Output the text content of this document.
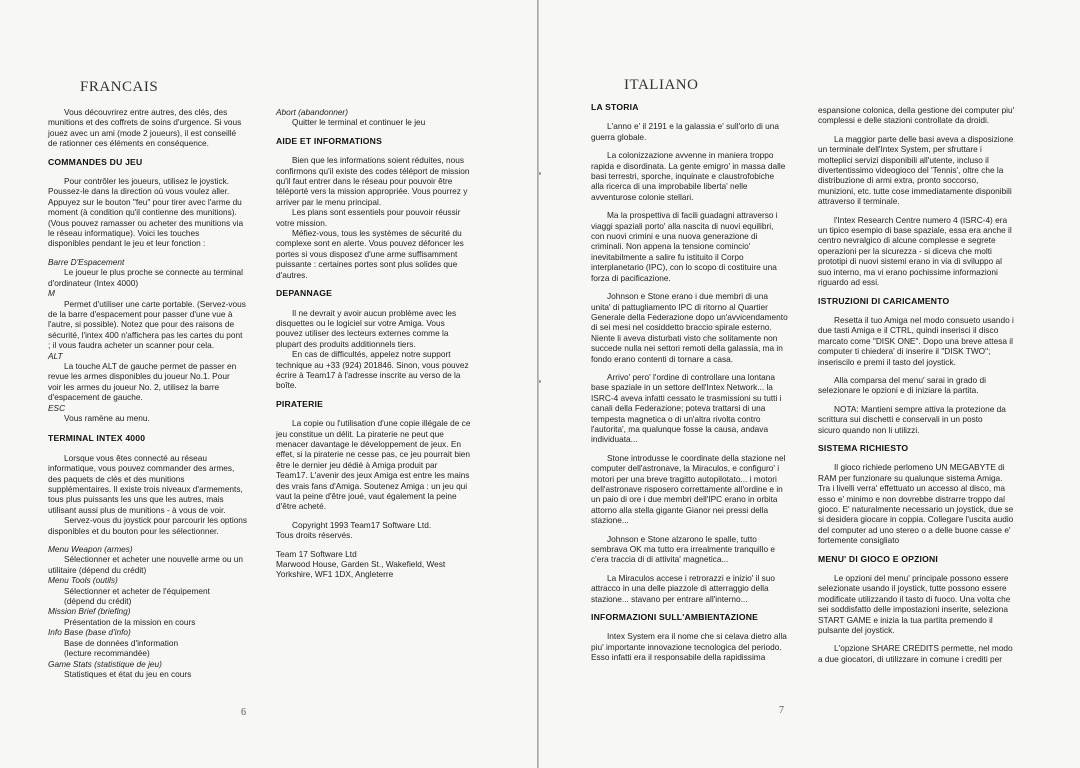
FRANCAIS

Vous découvrirez entre autres, des clés, des
munitions et des coffrets de soins d'urgence. Si vous
jouez avec un ami (mode 2 joueurs), il est conseillé
de rationner ces éléments en conséquence.

COMMANDES DU JEU

Pour contrôler les joueurs, utilisez le joystick.
Poussez-le dans la direction où vous voulez aller.
Appuyez sur le bouton "feu" pour tirer avec l'arme du
moment (à condition qu'il contienne des munitions).
(Vous pouvez ramasser ou acheter des munitions via
le réseau informatique). Voici les touches
disponibles pendant le jeu et leur fonction :

Barre D'Espacement

Le joueur le plus proche se connecte au terminal
d'ordinateur (Intex 4000)

M

Permet d'utiliser une carte portable. (Servez-vous
de la barre d'espacement pour passer d'une vue à
l'autre, si possible). Notez que pour des raisons de
sécurité, l'intex 400 n'affichera pas les cartes du pont
; il vous faudra acheter un scanner pour cela.

ALT

La touche ALT de gauche permet de passer en
revue les armes disponibles du joueur No.1. Pour
voir les armes du joueur No. 2, utilisez la barre
d'espacement de gauche.

ESC

Vous ramène au menu.

TERMINAL INTEX 4000

Lorsque vous êtes connecté au réseau
informatique, vous pouvez commander des armes,
des paquets de clés et des munitions
supplémentaires. Il existe trois niveaux d'armements,
tous plus puissants les uns que les autres, mais
utilisant aussi plus de munitions - à vous de voir.

Servez-vous du joystick pour parcourir les options
disponibles et du bouton pour les sélectionner.

Menu Weapon (armes)

Sélectionner et acheter une nouvelle arme ou un
utilitaire (dépend du crédit)

Menu Tools (outils)

Sélectionner et acheter de l'équipement
(dépend du crédit)

Mission Brief (briefing)

Présentation de la mission en cours

Info Base (base d'info)

Base de données d'information
(lecture recommandée)

Game Stats (statistique de jeu)

Statistiques et état du jeu en cours

Abort (abandonner)

Quitter le terminal et continuer le jeu

AIDE ET INFORMATIONS

Bien que les informations soient réduites, nous
confirmons qu'il existe des codes téléport de mission
qu'il faut entrer dans le réseau pour pouvoir être
téléporté vers la mission appropriée. Vous pourrez y
arriver par le menu principal.

Les plans sont essentiels pour pouvoir réussir
votre mission.

Méfiez-vous, tous les systèmes de sécurité du
complexe sont en alerte. Vous pouvez défoncer les
portes si vous disposez d'une arme suffisamment
puissante : certaines portes sont plus solides que
d'autres.

DEPANNAGE

Il ne devrait y avoir aucun problème avec les
disquettes ou le logiciel sur votre Amiga. Vous
pouvez utiliser des lecteurs externes comme la
plupart des produits additionnels tiers.

En cas de difficultés, appelez notre support
technique au +33 (924) 201846. Sinon, vous pouvez
écrire à Team17 à l'adresse inscrite au verso de la
boîte.

PIRATERIE

La copie ou l'utilisation d'une copie illégale de ce
jeu constitue un délit. La piraterie ne peut que
menacer davantage le développement de jeux. En
effet, si la piraterie ne cesse pas, ce jeu pourrait bien
être le dernier jeu dédié à Amiga produit par
Team17. L'avenir des jeux Amiga est entre les mains
des vrais fans d'Amiga. Soutenez Amiga : un jeu qui
vaut la peine d'être joué, vaut également la peine
d'être acheté.

Copyright 1993 Team17 Software Ltd.
Tous droits réservés.

Team 17 Software Ltd
Marwood House, Garden St., Wakefield, West
Yorkshire, WF1 1DX, Angleterre

6
ITALIANO
LA STORIA

L'anno e' il 2191 e la galassia e' sull'orlo di una
guerra globale.

La colonizzazione avvenne in maniera troppo
rapida e disordinata. La gente emigro' in massa dalle
basi terrestri, sporche, inquinate e claustrofobiche
alla ricerca di una improbabile liberta' nelle
avventurose colonie stellari.

Ma la prospettiva di facili guadagni attraverso i
viaggi spaziali porto' alla nascita di nuovi equilibri,
con nuovi crimini e una nuova generazione di
criminali. Non appena la tensione comincio'
inevitabilmente a salire fu istituito il Corpo
interplanetario (IPC), con lo scopo di costituire una
forza di pacificazione.

Johnson e Stone erano i due membri di una
unita' di pattugliamento IPC di ritorno al Quartier
Generale della Federazione dopo un'avvicendamento
di sei mesi nel cosiddetto braccio spirale esterno.
Niente li aveva disturbati visto che solitamente non
succede nulla nei settori remoti della galassia, ma in
fondo erano contenti di tornare a casa.

Arrivo' pero' l'ordine di controllare una lontana
base spaziale in un settore dell'Intex Network... la
ISRC-4 aveva infatti cessato le trasmissioni su tutti i
canali della Federazione; poteva trattarsi di una
tempesta magnetica o di un'altra rivolta contro
l'autorita', ma qualunque fosse la causa, andava
individuata...

Stone introdusse le coordinate della stazione nel
computer dell'astronave, la Miraculos, e configuro' i
motori per una breve tragitto autopilotato... i motori
dell'astronave risposero correttamente all'ordine e in
un paio di ore i due membri dell'IPC erano in orbita
attorno alla stella gigante Gianor nei pressi della
stazione...

Johnson e Stone alzarono le spalle, tutto
sembrava OK ma tutto era irrealmente tranquillo e
c'era traccia di di attivita' magnetica...

La Miraculos accese i retrorazzi e inizio' il suo
attracco in una delle piazzole di atterraggio della
stazione... stavano per entrare all'interno...

INFORMAZIONI SULL'AMBIENTAZIONE

Intex System era il nome che si celava dietro alla
piu' importante innovazione tecnologica del periodo.
Esso infatti era il responsabile della rapidissima

espansione colonica, della gestione dei computer piu'
complessi e delle stazioni controllate da droidi.

La maggior parte delle basi aveva a disposizione
un terminale dell'Intex System, per sfruttare i
molteplici servizi disponibili all'utente, incluso il
divertentissimo videogioco del 'Tennis', oltre che la
distribuzione di armi extra, pronto soccorso,
munizioni, etc. tutte cose immediatamente disponibili
attraverso il terminale.

l'Intex Research Centre numero 4 (ISRC-4) era
un tipico esempio di base spaziale, essa era anche il
centro nevralgico di alcune complesse e segrete
operazioni per la sicurezza - si diceva che molti
prototipi di nuovi sistemi erano in via di sviluppo al
suo interno, ma vi erano pochissime informazioni
riguardo ad essi.

ISTRUZIONI DI CARICAMENTO

Resetta il tuo Amiga nel modo consueto usando i
due tasti Amiga e il CTRL, quindi inserisci il disco
marcato come "DISK ONE". Dopo una breve attesa il
computer ti chiedera' di inserire il "DISK TWO";
inseriscilo e premi il tasto del joystick.

Alla comparsa del menu' sarai in grado di
selezionare le opzioni e di iniziare la partita.

NOTA: Mantieni sempre attiva la protezione da
scrittura sui dischetti e conservali in un posto
sicuro quando non li utilizzi.

SISTEMA RICHIESTO

Il gioco richiede perlomeno UN MEGABYTE di
RAM per funzionare su qualunque sistema Amiga.
Tra i livelli verra' effettuato un accesso al disco, ma
esso e' minimo e non dovrebbe distrarre troppo dal
gioco. E' naturalmente necessario un joystick, due se
si desidera giocare in coppia. Collegare l'uscita audio
del computer ad uno stereo o a delle buone casse e'
fortemente consigliato

MENU' DI GIOCO E OPZIONI

Le opzioni del menu' principale possono essere
selezionate usando il joystick, tutte possono essere
modificate utilizzando il tasto di fuoco. Una volta che
sei soddisfatto delle impostazioni inserite, seleziona
START GAME e inizia la tua partita premendo il
pulsante del joystick.

L'opzione SHARE CREDITS permette, nel modo
a due giocatori, di utilizzare in comune i crediti per

7
